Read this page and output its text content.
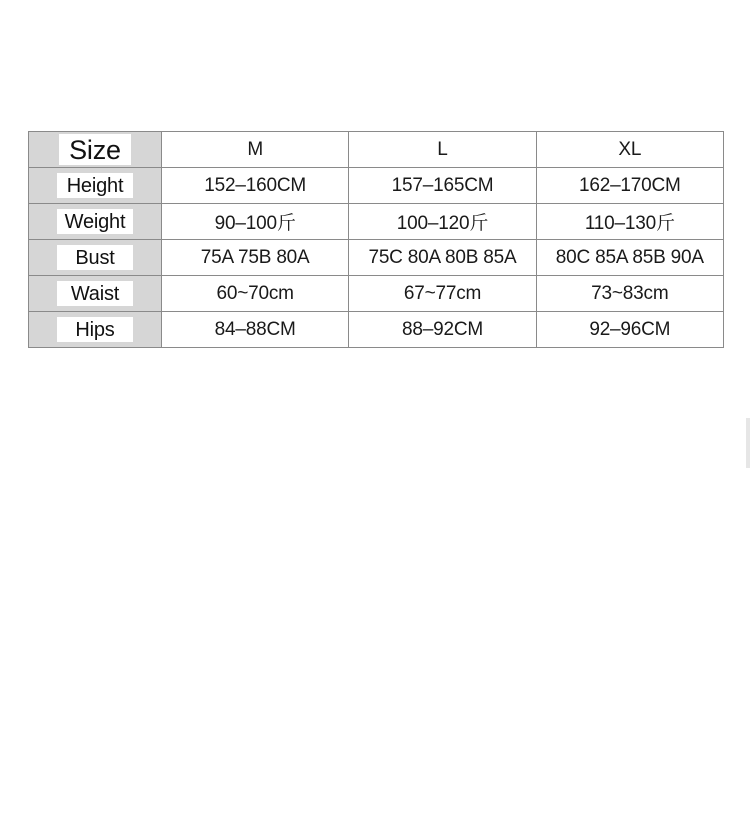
Size	M	L	XL
Height	152–160CM	157–165CM	162–170CM
Weight	90–100斤	100–120斤	110–130斤
Bust	75A 75B 80A	75C 80A 80B 85A	80C 85A 85B 90A
Waist	60~70cm	67~77cm	73~83cm
Hips	84–88CM	88–92CM	92–96CM
